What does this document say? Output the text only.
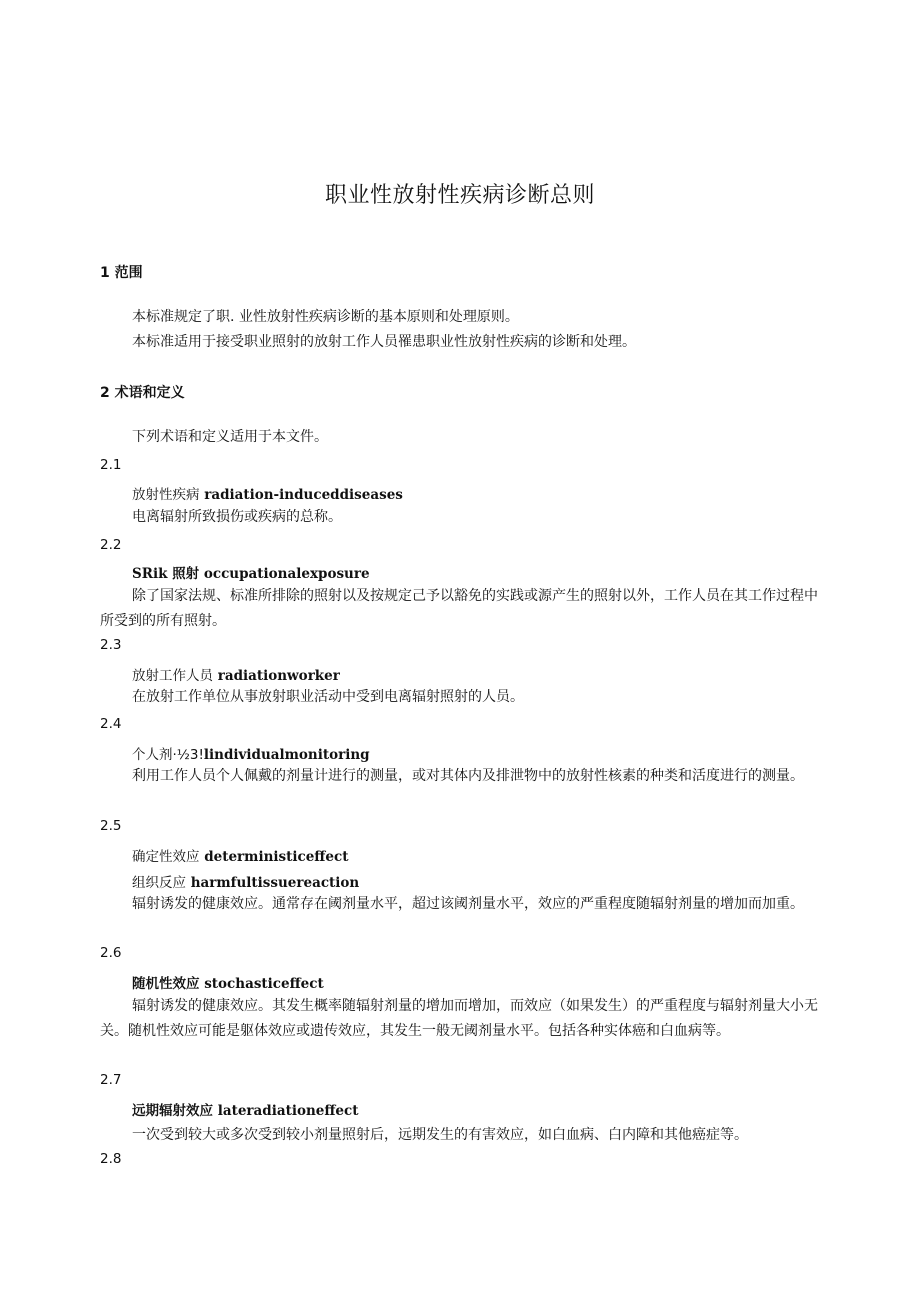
职业性放射性疾病诊断总则
1 范围
本标准规定了职. 业性放射性疾病诊断的基本原则和处理原则。
本标准适用于接受职业照射的放射工作人员罹患职业性放射性疾病的诊断和处理。
2 术语和定义
下列术语和定义适用于本文件。
2.1
放射性疾病 radiation-induceddiseases
电离辐射所致损伤或疾病的总称。
2.2
SRik 照射 occupationalexposure
除了国家法规、标准所排除的照射以及按规定己予以豁免的实践或源产生的照射以外，工作人员在其工作过程中所受到的所有照射。
2.3
放射工作人员 radiationworker
在放射工作单位从事放射职业活动中受到电离辐射照射的人员。
2.4
个人剂·½3!lindividualmonitoring
利用工作人员个人佩戴的剂量计进行的测量，或对其体内及排泄物中的放射性核素的种类和活度进行的测量。
2.5
确定性效应 deterministiceffect
组织反应 harmfultissuereaction
辐射诱发的健康效应。通常存在阈剂量水平，超过该阈剂量水平，效应的严重程度随辐射剂量的增加而加重。
2.6
随机性效应 stochasticeffect
辐射诱发的健康效应。其发生概率随辐射剂量的增加而增加，而效应（如果发生）的严重程度与辐射剂量大小无关。随机性效应可能是躯体效应或遗传效应，其发生一般无阈剂量水平。包括各种实体癌和白血病等。
2.7
远期辐射效应 lateradiationeffect
一次受到较大或多次受到较小剂量照射后，远期发生的有害效应，如白血病、白内障和其他癌症等。
2.8
